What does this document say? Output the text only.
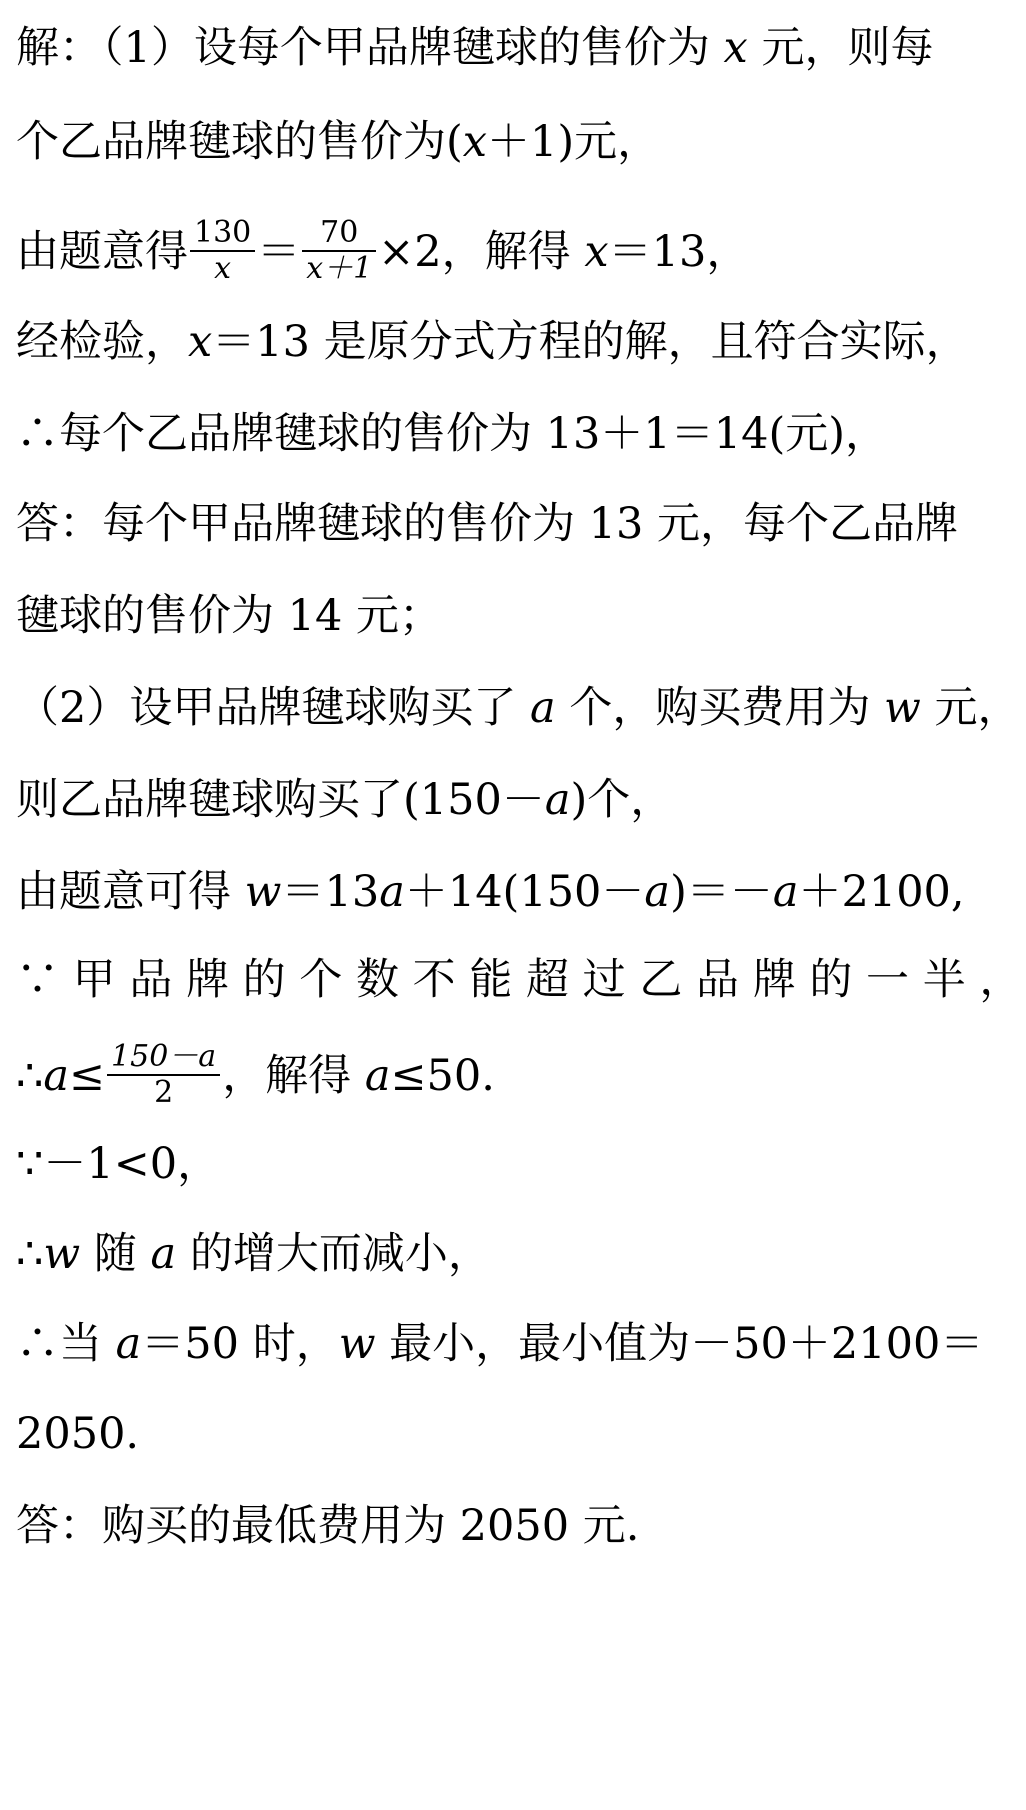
解：（1）设每个甲品牌毽球的售价为 x 元，则每
个乙品牌毽球的售价为(x＋1)元，
由题意得 $\frac{130}{x} = \frac{70}{x+1} \times 2$，解得 x＝13，
经检验，x＝13 是原分式方程的解，且符合实际，
∴每个乙品牌毽球的售价为 13＋1＝14(元)，
答：每个甲品牌毽球的售价为 13 元，每个乙品牌
毽球的售价为 14 元；
（2）设甲品牌毽球购买了 a 个，购买费用为 w 元，
则乙品牌毽球购买了(150－a)个，
由题意可得 w＝13a＋14(150－a)＝－a＋2100,
∵ 甲 品 牌 的 个 数 不 能 超 过 乙 品 牌 的 一 半 ，
∴a≤ $\frac{150-a}{2}$ ，解得 a≤50.
∵－1<0，
∴w 随 a 的增大而减小，
∴当 a＝50 时，w 最小，最小值为－50＋2100＝
2050.
答：购买的最低费用为 2050 元.
